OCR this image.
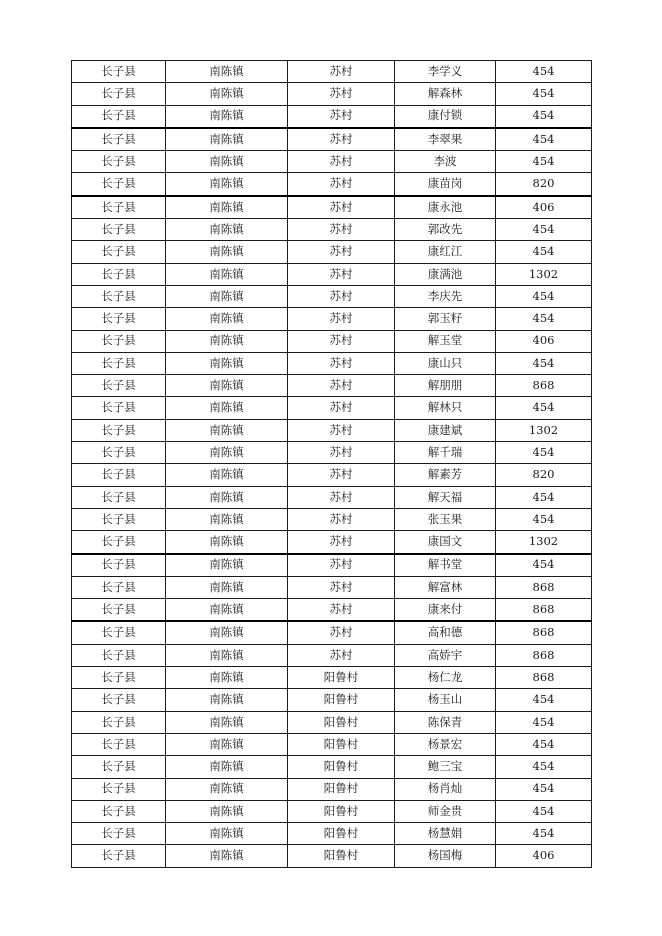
长子县	南陈镇	苏村	李学义	454
长子县	南陈镇	苏村	解森林	454
长子县	南陈镇	苏村	康付锁	454
长子县	南陈镇	苏村	李翠果	454
长子县	南陈镇	苏村	李波	454
长子县	南陈镇	苏村	康苗岗	820
长子县	南陈镇	苏村	康永池	406
长子县	南陈镇	苏村	郭改先	454
长子县	南陈镇	苏村	康红江	454
长子县	南陈镇	苏村	康满池	1302
长子县	南陈镇	苏村	李庆先	454
长子县	南陈镇	苏村	郭玉籽	454
长子县	南陈镇	苏村	解玉堂	406
长子县	南陈镇	苏村	康山只	454
长子县	南陈镇	苏村	解朋朋	868
长子县	南陈镇	苏村	解林只	454
长子县	南陈镇	苏村	康建斌	1302
长子县	南陈镇	苏村	解千瑞	454
长子县	南陈镇	苏村	解素芳	820
长子县	南陈镇	苏村	解天福	454
长子县	南陈镇	苏村	张玉果	454
长子县	南陈镇	苏村	康国文	1302
长子县	南陈镇	苏村	解书堂	454
长子县	南陈镇	苏村	解富林	868
长子县	南陈镇	苏村	康来付	868
长子县	南陈镇	苏村	高和德	868
长子县	南陈镇	苏村	高娇宇	868
长子县	南陈镇	阳鲁村	杨仁龙	868
长子县	南陈镇	阳鲁村	杨玉山	454
长子县	南陈镇	阳鲁村	陈保青	454
长子县	南陈镇	阳鲁村	杨景宏	454
长子县	南陈镇	阳鲁村	鲍三宝	454
长子县	南陈镇	阳鲁村	杨肖灿	454
长子县	南陈镇	阳鲁村	师金贵	454
长子县	南陈镇	阳鲁村	杨慧娟	454
长子县	南陈镇	阳鲁村	杨国梅	406
